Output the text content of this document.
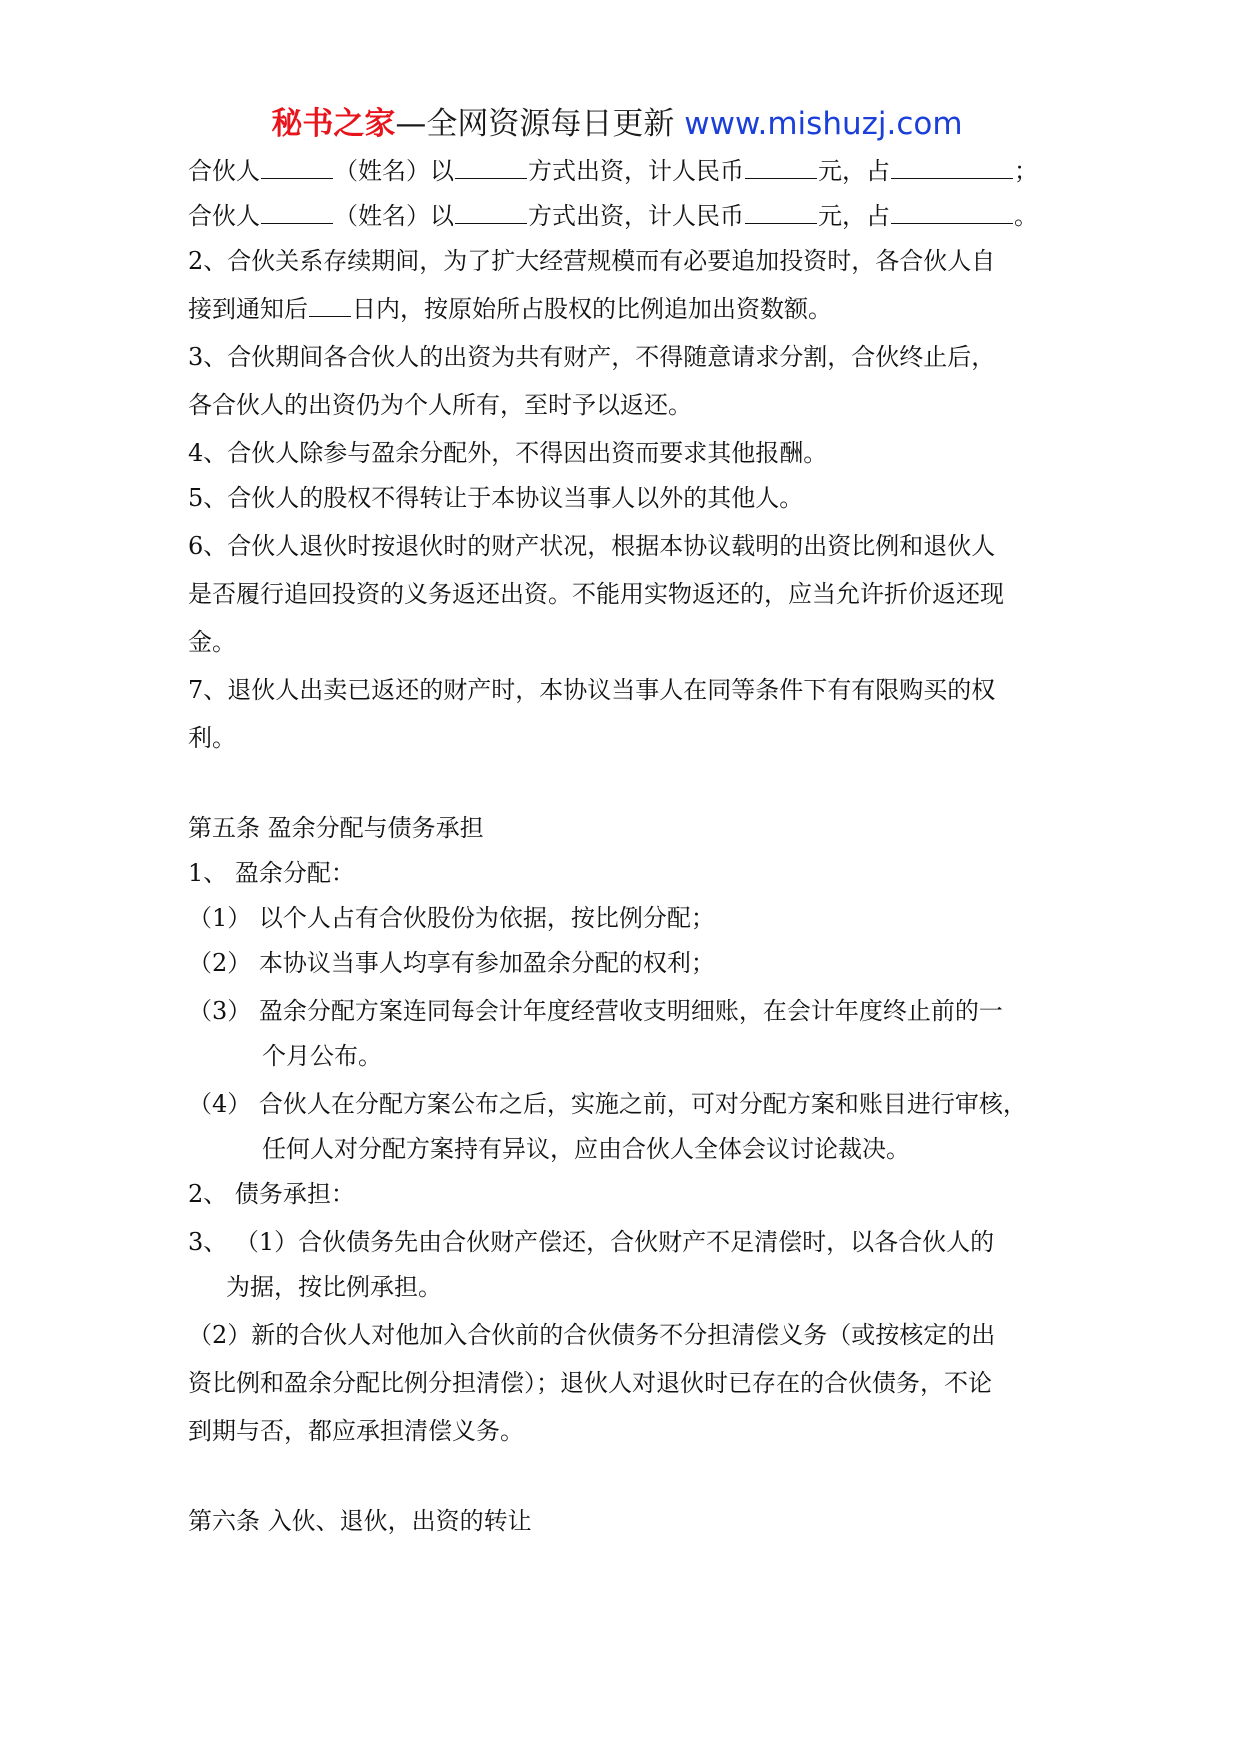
秘书之家—全网资源每日更新 www.mishuzj.com
合伙人	（姓名）以	方式出资，计人民币	元，占	；
合伙人	（姓名）以	方式出资，计人民币	元，占	。
2、合伙关系存续期间，为了扩大经营规模而有必要追加投资时，各合伙人自
接到通知后 日内，按原始所占股权的比例追加出资数额。
3、合伙期间各合伙人的出资为共有财产，不得随意请求分割，合伙终止后，
各合伙人的出资仍为个人所有，至时予以返还。
4、合伙人除参与盈余分配外，不得因出资而要求其他报酬。
5、合伙人的股权不得转让于本协议当事人以外的其他人。
6、合伙人退伙时按退伙时的财产状况，根据本协议载明的出资比例和退伙人
是否履行追回投资的义务返还出资。不能用实物返还的，应当允许折价返还现
金。
7、退伙人出卖已返还的财产时，本协议当事人在同等条件下有有限购买的权
利。
第五条 盈余分配与债务承担
1、 盈余分配：
（1） 以个人占有合伙股份为依据，按比例分配；
（2） 本协议当事人均享有参加盈余分配的权利；
（3） 盈余分配方案连同每会计年度经营收支明细账，在会计年度终止前的一
个月公布。
（4） 合伙人在分配方案公布之后，实施之前，可对分配方案和账目进行审核，
任何人对分配方案持有异议，应由合伙人全体会议讨论裁决。
2、 债务承担：
3、 （1）合伙债务先由合伙财产偿还，合伙财产不足清偿时，以各合伙人的
为据，按比例承担。
（2）新的合伙人对他加入合伙前的合伙债务不分担清偿义务（或按核定的出
资比例和盈余分配比例分担清偿）；退伙人对退伙时已存在的合伙债务，不论
到期与否，都应承担清偿义务。
第六条 入伙、退伙，出资的转让
